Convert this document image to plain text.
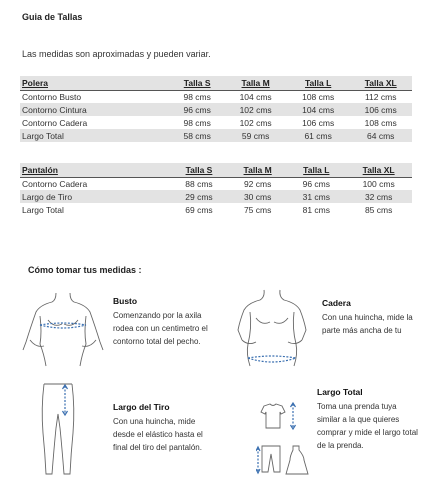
Guia de Tallas
Las medidas son aproximadas y pueden variar.
Polera	Talla S	Talla M	Talla L	Talla XL
Contorno Busto	98 cms	104 cms	108 cms	112 cms
Contorno Cintura	96 cms	102 cms	104 cms	106 cms
Contorno Cadera	98 cms	102 cms	106 cms	108 cms
Largo Total	58 cms	59 cms	61 cms	64 cms
Pantalón	Talla S	Talla M	Talla L	Talla XL
Contorno Cadera	88 cms	92 cms	96 cms	100 cms
Largo de Tiro	29 cms	30 cms	31 cms	32 cms
Largo Total	69 cms	75 cms	81 cms	85 cms
Cómo tomar tus medidas :
Busto
Comenzando por la axila
rodea con un centimetro el
contorno total del pecho.
Cadera
Con una huincha, mide la
parte más ancha de tu
Largo del Tiro
Con una huincha, mide
desde el elástico hasta el
final del tiro del pantalón.
Largo Total
Toma una prenda tuya
similar a la que quieres
comprar y mide el largo total
de la prenda.
